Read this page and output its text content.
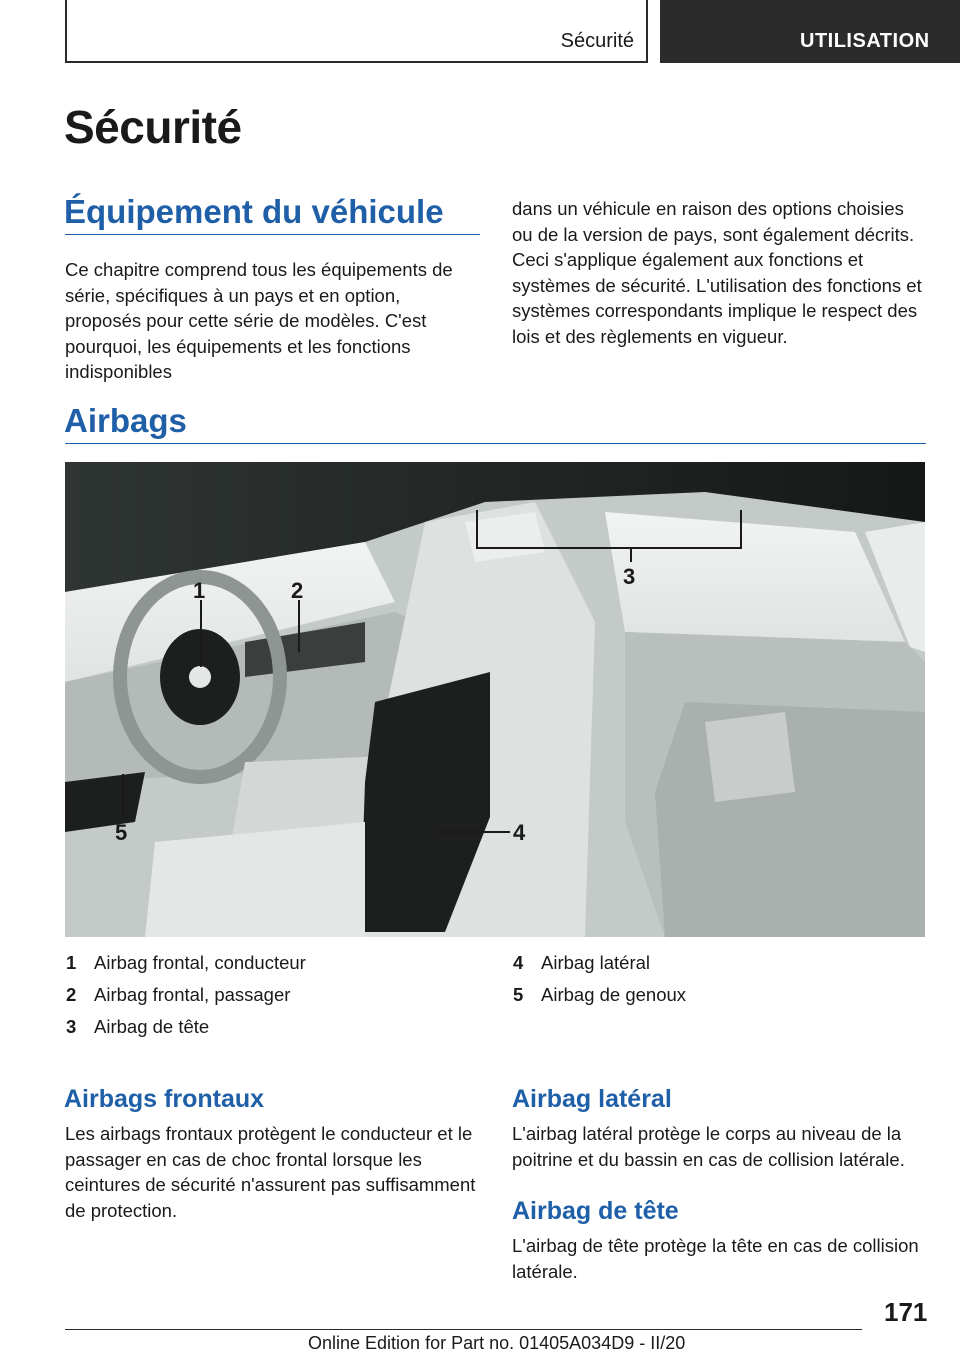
Sécurité	UTILISATION
Sécurité
Équipement du véhicule

Ce chapitre comprend tous les équipements de série, spécifiques à un pays et en option, proposés pour cette série de modèles. C'est pourquoi, les équipements et les fonctions indisponibles

dans un véhicule en raison des options choisies ou de la version de pays, sont également décrits. Ceci s'applique également aux fonctions et systèmes de sécurité. L'utilisation des fonctions et systèmes correspondants implique le respect des lois et des règlements en vigueur.

Airbags
1	2
3
4
5
1 Airbag frontal, conducteur
2 Airbag frontal, passager
3 Airbag de tête
4 Airbag latéral
5 Airbag de genoux
Airbags frontaux

Les airbags frontaux protègent le conducteur et le passager en cas de choc frontal lorsque les ceintures de sécurité n'assurent pas suffisamment de protection.

Airbag latéral

L'airbag latéral protège le corps au niveau de la poitrine et du bassin en cas de collision latérale.

Airbag de tête

L'airbag de tête protège la tête en cas de collision latérale.

171
Online Edition for Part no. 01405A034D9 - II/20
